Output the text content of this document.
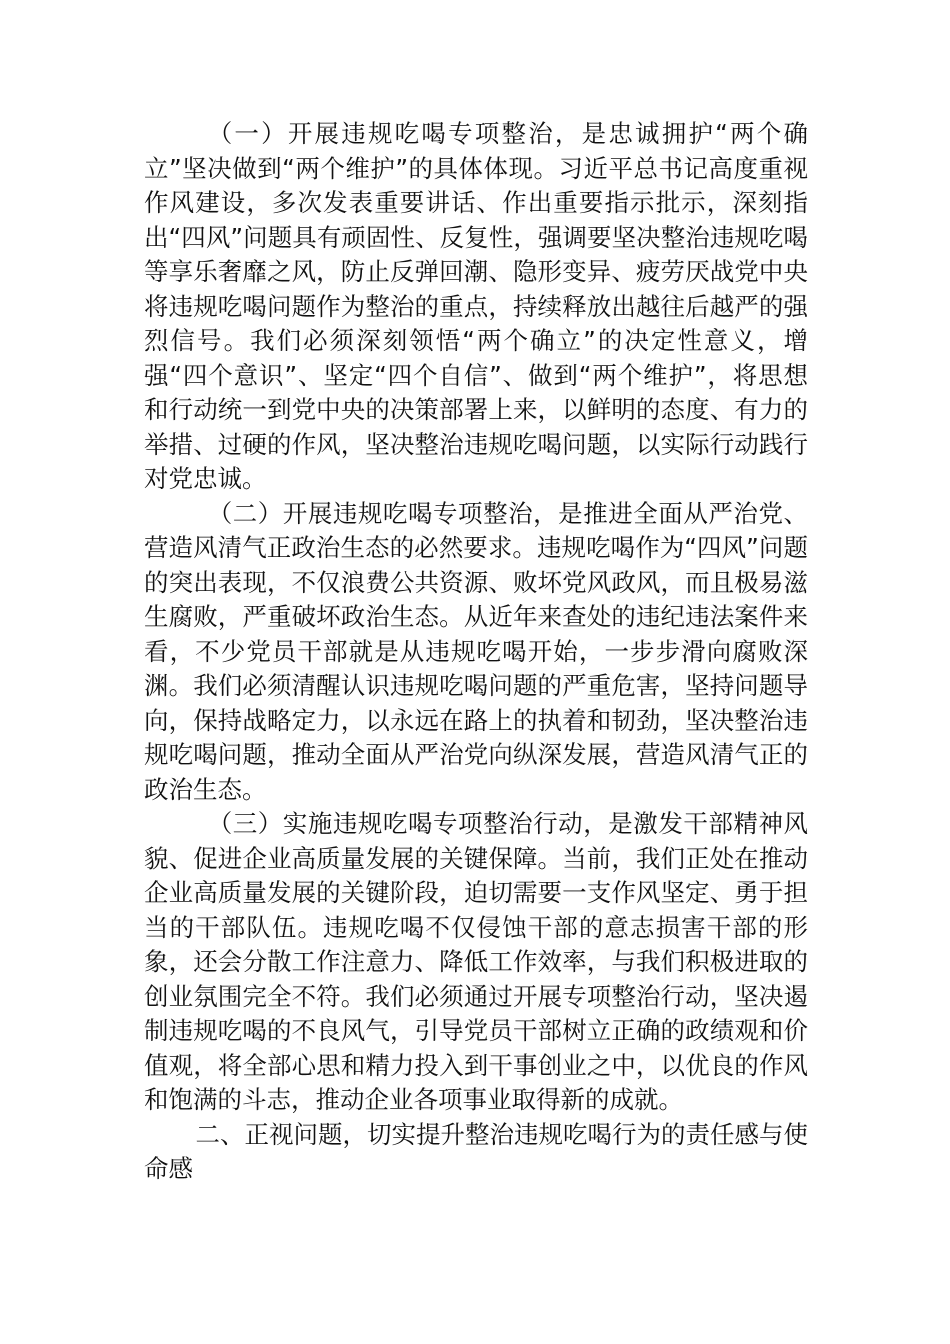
（一）开展违规吃喝专项整治，是忠诚拥护“两个确立”坚决做到“两个维护”的具体体现。习近平总书记高度重视作风建设，多次发表重要讲话、作出重要指示批示，深刻指出“四风”问题具有顽固性、反复性，强调要坚决整治违规吃喝等享乐奢靡之风，防止反弹回潮、隐形变异、疲劳厌战党中央将违规吃喝问题作为整治的重点，持续释放出越往后越严的强烈信号。我们必须深刻领悟“两个确立”的决定性意义，增强“四个意识”、坚定“四个自信”、做到“两个维护”，将思想和行动统一到党中央的决策部署上来，以鲜明的态度、有力的举措、过硬的作风，坚决整治违规吃喝问题，以实际行动践行对党忠诚。

（二）开展违规吃喝专项整治，是推进全面从严治党、营造风清气正政治生态的必然要求。违规吃喝作为“四风”问题的突出表现，不仅浪费公共资源、败坏党风政风，而且极易滋生腐败，严重破坏政治生态。从近年来查处的违纪违法案件来看，不少党员干部就是从违规吃喝开始，一步步滑向腐败深渊。我们必须清醒认识违规吃喝问题的严重危害，坚持问题导向，保持战略定力，以永远在路上的执着和韧劲，坚决整治违规吃喝问题，推动全面从严治党向纵深发展，营造风清气正的政治生态。

（三）实施违规吃喝专项整治行动，是激发干部精神风貌、促进企业高质量发展的关键保障。当前，我们正处在推动企业高质量发展的关键阶段，迫切需要一支作风坚定、勇于担当的干部队伍。违规吃喝不仅侵蚀干部的意志损害干部的形象，还会分散工作注意力、降低工作效率，与我们积极进取的创业氛围完全不符。我们必须通过开展专项整治行动，坚决遏制违规吃喝的不良风气，引导党员干部树立正确的政绩观和价值观，将全部心思和精力投入到干事创业之中，以优良的作风和饱满的斗志，推动企业各项事业取得新的成就。

二、正视问题，切实提升整治违规吃喝行为的责任感与使命感
